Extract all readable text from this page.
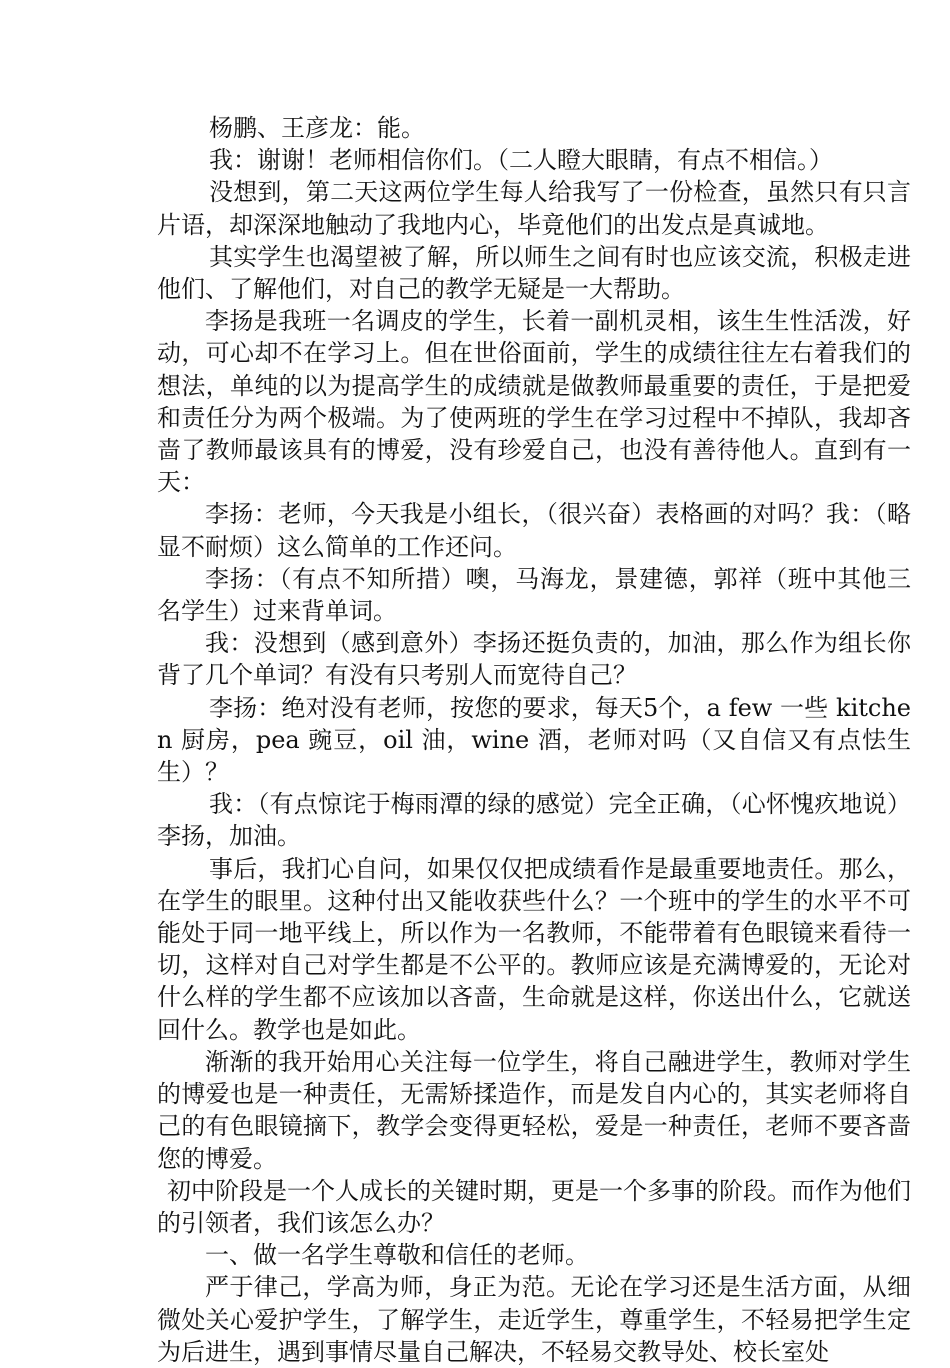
杨鹏、王彦龙：能。

我：谢谢！老师相信你们。（二人瞪大眼睛，有点不相信。）

没想到，第二天这两位学生每人给我写了一份检查，虽然只有只言片语，却深深地触动了我地内心，毕竟他们的出发点是真诚地。

其实学生也渴望被了解，所以师生之间有时也应该交流，积极走进他们、了解他们，对自己的教学无疑是一大帮助。

李扬是我班一名调皮的学生，长着一副机灵相，该生生性活泼，好动，可心却不在学习上。但在世俗面前，学生的成绩往往左右着我们的想法，单纯的以为提高学生的成绩就是做教师最重要的责任，于是把爱和责任分为两个极端。为了使两班的学生在学习过程中不掉队，我却吝啬了教师最该具有的博爱，没有珍爱自己，也没有善待他人。直到有一天：

李扬：老师，今天我是小组长，（很兴奋）表格画的对吗？我：（略显不耐烦）这么简单的工作还问。

李扬：（有点不知所措）噢，马海龙，景建德，郭祥（班中其他三名学生）过来背单词。

我：没想到（感到意外）李扬还挺负责的，加油，那么作为组长你背了几个单词？有没有只考别人而宽待自己？

李扬：绝对没有老师，按您的要求，每天5个，a few 一些 kitchen 厨房，pea 豌豆，oil 油，wine 酒，老师对吗（又自信又有点怯生生）？

我：（有点惊诧于梅雨潭的绿的感觉）完全正确，（心怀愧疚地说）李扬，加油。

事后，我扪心自问，如果仅仅把成绩看作是最重要地责任。那么，在学生的眼里。这种付出又能收获些什么？一个班中的学生的水平不可能处于同一地平线上，所以作为一名教师，不能带着有色眼镜来看待一切，这样对自己对学生都是不公平的。教师应该是充满博爱的，无论对什么样的学生都不应该加以吝啬，生命就是这样，你送出什么，它就送回什么。教学也是如此。

渐渐的我开始用心关注每一位学生，将自己融进学生，教师对学生的博爱也是一种责任，无需矫揉造作，而是发自内心的，其实老师将自己的有色眼镜摘下，教学会变得更轻松，爱是一种责任，老师不要吝啬您的博爱。

初中阶段是一个人成长的关键时期，更是一个多事的阶段。而作为他们的引领者，我们该怎么办？

一、做一名学生尊敬和信任的老师。

严于律己，学高为师，身正为范。无论在学习还是生活方面，从细微处关心爱护学生，了解学生，走近学生，尊重学生，不轻易把学生定为后进生，遇到事情尽量自己解决，不轻易交教导处、校长室处
